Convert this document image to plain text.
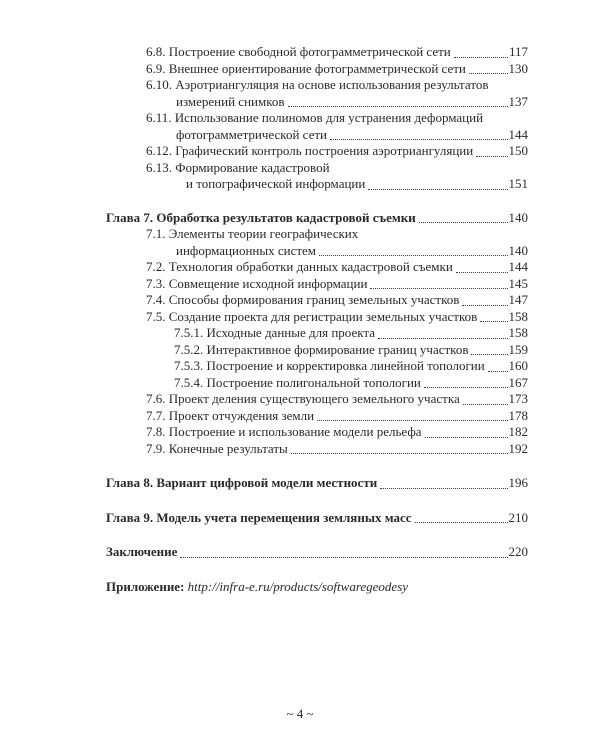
6.8. Построение свободной фотограмметрической сети	117
6.9. Внешнее ориентирование фотограмметрической сети	130
6.10. Аэротриангуляция на основе использования результатов
измерений снимков	137
6.11. Использование полиномов для устранения деформаций
фотограмметрической сети	144
6.12. Графический контроль построения аэротриангуляции	150
6.13. Формирование кадастровой
и топографической информации	151
Глава 7. Обработка результатов кадастровой съемки	140
7.1. Элементы теории географических
информационных систем	140
7.2. Технология обработки данных кадастровой съемки	144
7.3. Совмещение исходной информации	145
7.4. Способы формирования границ земельных участков	147
7.5. Создание проекта для регистрации земельных участков 158
7.5.1. Исходные данные для проекта	158
7.5.2. Интерактивное формирование границ участков	159
7.5.3. Построение и корректировка линейной топологии 160
7.5.4. Построение полигональной топологии	167
7.6. Проект деления существующего земельного участка	173
7.7. Проект отчуждения земли	178
7.8. Построение и использование модели рельефа	182
7.9. Конечные результаты	192
Глава 8. Вариант цифровой модели местности	196
Глава 9. Модель учета перемещения земляных масс	210
Заключение	220
Приложение: http://infra-e.ru/products/softwaregeodesy
~ 4 ~
